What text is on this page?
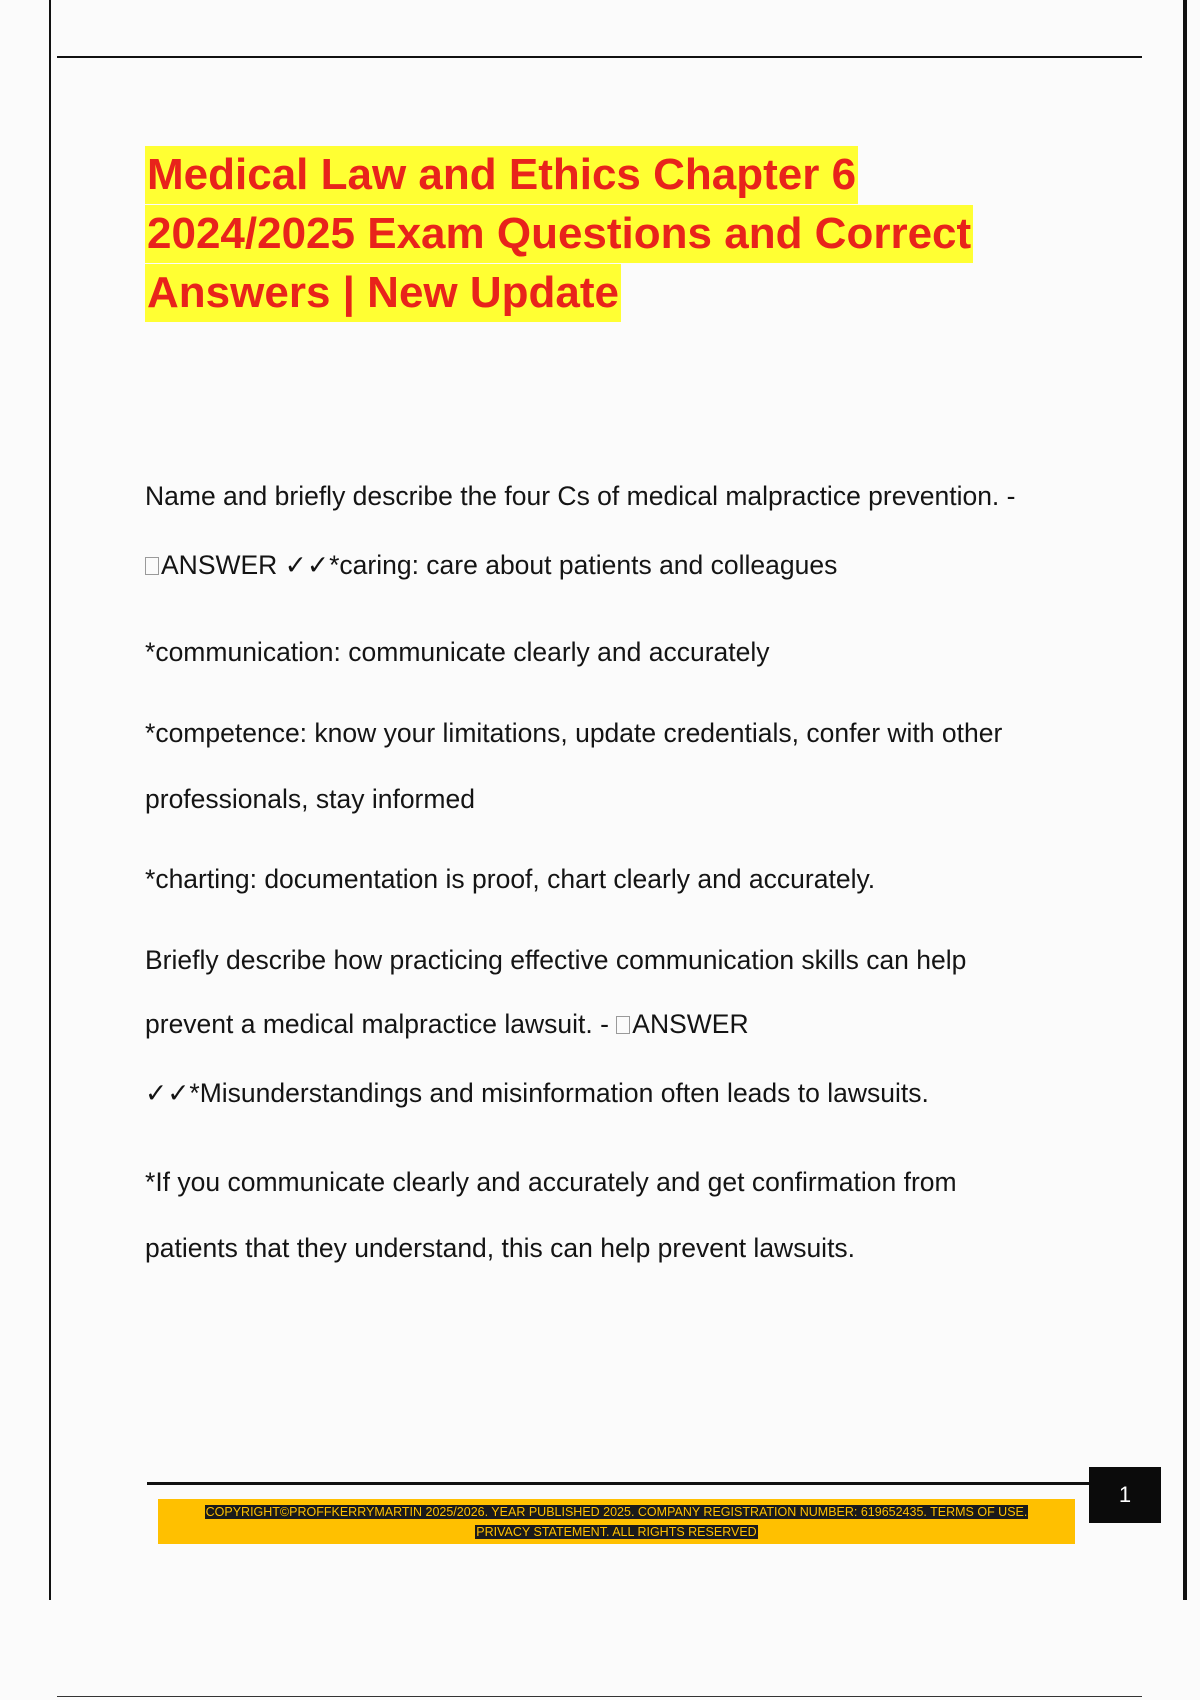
Medical Law and Ethics Chapter 6
2024/2025 Exam Questions and Correct
Answers | New Update
Name and briefly describe the four Cs of medical malpractice prevention. -
ANSWER ✓✓*caring: care about patients and colleagues
*communication: communicate clearly and accurately
*competence: know your limitations, update credentials, confer with other
professionals, stay informed
*charting: documentation is proof, chart clearly and accurately.
Briefly describe how practicing effective communication skills can help
prevent a medical malpractice lawsuit. - ANSWER
✓✓*Misunderstandings and misinformation often leads to lawsuits.
*If you communicate clearly and accurately and get confirmation from
patients that they understand, this can help prevent lawsuits.
1
COPYRIGHT©PROFFKERRYMARTIN 2025/2026. YEAR PUBLISHED 2025. COMPANY REGISTRATION NUMBER: 619652435. TERMS OF USE.
PRIVACY STATEMENT. ALL RIGHTS RESERVED
